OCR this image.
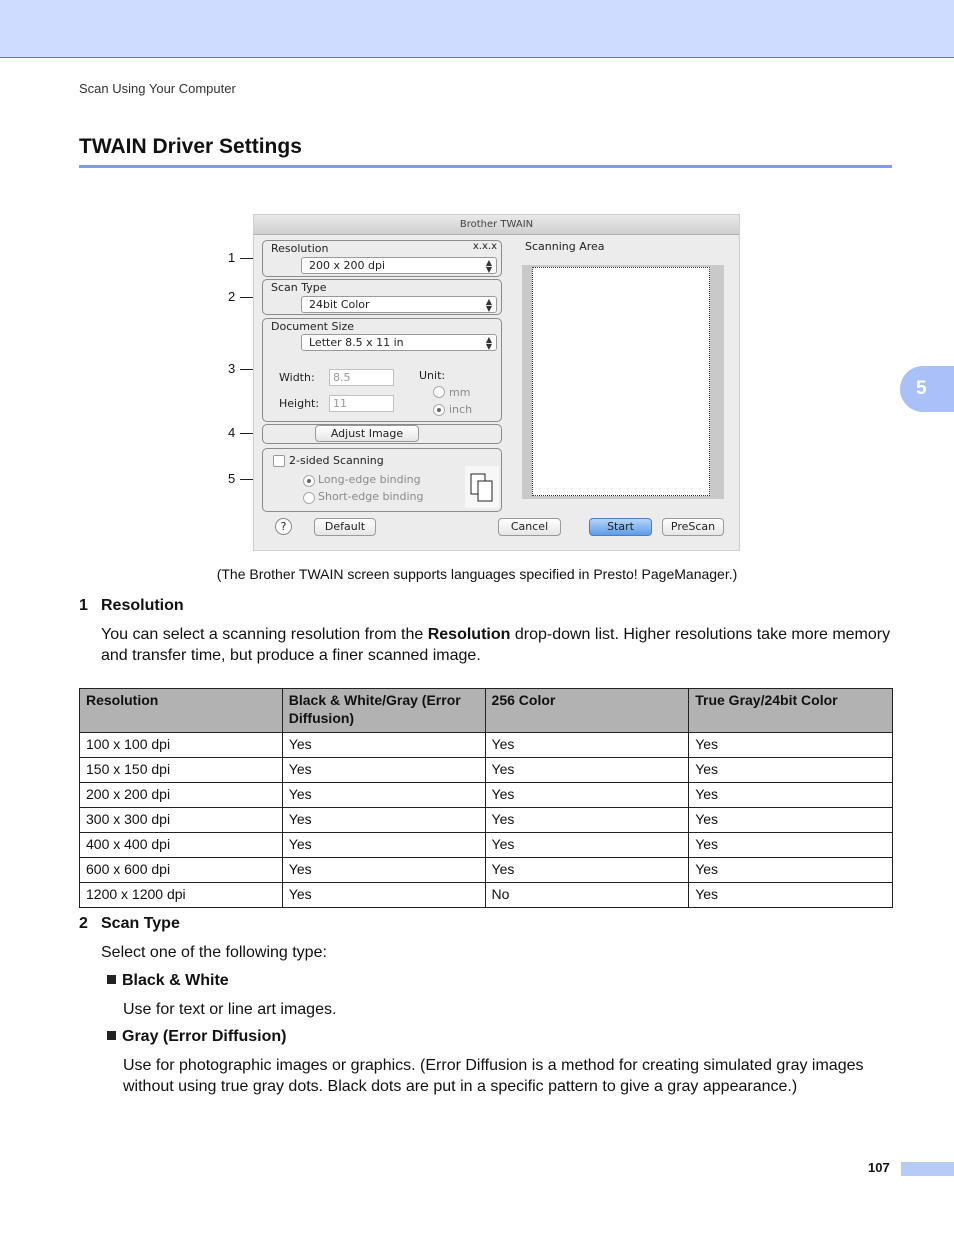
Scan Using Your Computer
TWAIN Driver Settings
5
1
2
3
4
5
Brother TWAIN
Resolution	x.x.x
200 x 200 dpi	▲
▼
Scan Type
24bit Color	▲
▼
Document Size
Letter 8.5 x 11 in	▲
▼
Width:	8.5
Height:	11
Unit:
mm
inch
Adjust Image
2-sided Scanning
Long-edge binding
Short-edge binding
Scanning Area
?	Default	Cancel	Start	PreScan
(The Brother TWAIN screen supports languages specified in Presto! PageManager.)
1 Resolution
You can select a scanning resolution from the Resolution drop-down list. Higher resolutions take more memory and transfer time, but produce a finer scanned image.
Resolution	Black & White/Gray (Error Diffusion)	256 Color	True Gray/24bit Color
100 x 100 dpi	Yes	Yes	Yes
150 x 150 dpi	Yes	Yes	Yes
200 x 200 dpi	Yes	Yes	Yes
300 x 300 dpi	Yes	Yes	Yes
400 x 400 dpi	Yes	Yes	Yes
600 x 600 dpi	Yes	Yes	Yes
1200 x 1200 dpi	Yes	No	Yes
2 Scan Type
Select one of the following type:
Black & White
Use for text or line art images.
Gray (Error Diffusion)
Use for photographic images or graphics. (Error Diffusion is a method for creating simulated gray images without using true gray dots. Black dots are put in a specific pattern to give a gray appearance.)
107
